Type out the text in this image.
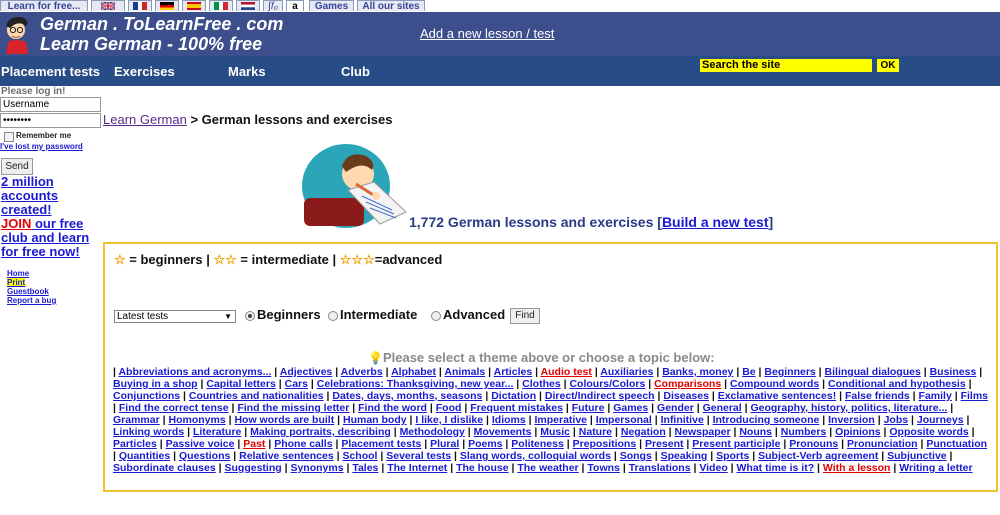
Learn for free...	∫f₀	a	Games	All our sites
German . ToLearnFree . com
Learn German - 100% free
Add a new lesson / test
Placement tests Exercises	Marks	Club	Search the site	OK
Please log in!
Username
••••••••
Remember me
I've lost my password
Send
2 million accounts created!
JOIN our free club and learn for free now!
• Home
• Print
• Guestbook
• Report a bug
Learn German > German lessons and exercises
1,772 German lessons and exercises [Build a new test]
☆ = beginners | ☆☆ = intermediate | ☆☆☆=advanced
Latest tests	▼ Beginners Intermediate Advanced	Find
💡Please select a theme above or choose a topic below:
| Abbreviations and acronyms... | Adjectives | Adverbs | Alphabet | Animals | Articles | Audio test | Auxiliaries | Banks, money | Be | Beginners | Bilingual dialogues | Business | Buying in a shop | Capital letters | Cars | Celebrations: Thanksgiving, new year... | Clothes | Colours/Colors | Comparisons | Compound words | Conditional and hypothesis | Conjunctions | Countries and nationalities | Dates, days, months, seasons | Dictation | Direct/Indirect speech | Diseases | Exclamative sentences! | False friends | Family | Films | Find the correct tense | Find the missing letter | Find the word | Food | Frequent mistakes | Future | Games | Gender | General | Geography, history, politics, literature... | Grammar | Homonyms | How words are built | Human body | I like, I dislike | Idioms | Imperative | Impersonal | Infinitive | Introducing someone | Inversion | Jobs | Journeys | Linking words | Literature | Making portraits, describing | Methodology | Movements | Music | Nature | Negation | Newspaper | Nouns | Numbers | Opinions | Opposite words | Particles | Passive voice | Past | Phone calls | Placement tests | Plural | Poems | Politeness | Prepositions | Present | Present participle | Pronouns | Pronunciation | Punctuation | Quantities | Questions | Relative sentences | School | Several tests | Slang words, colloquial words | Songs | Speaking | Sports | Subject-Verb agreement | Subjunctive | Subordinate clauses | Suggesting | Synonyms | Tales | The Internet | The house | The weather | Towns | Translations | Video | What time is it? | With a lesson | Writing a letter
